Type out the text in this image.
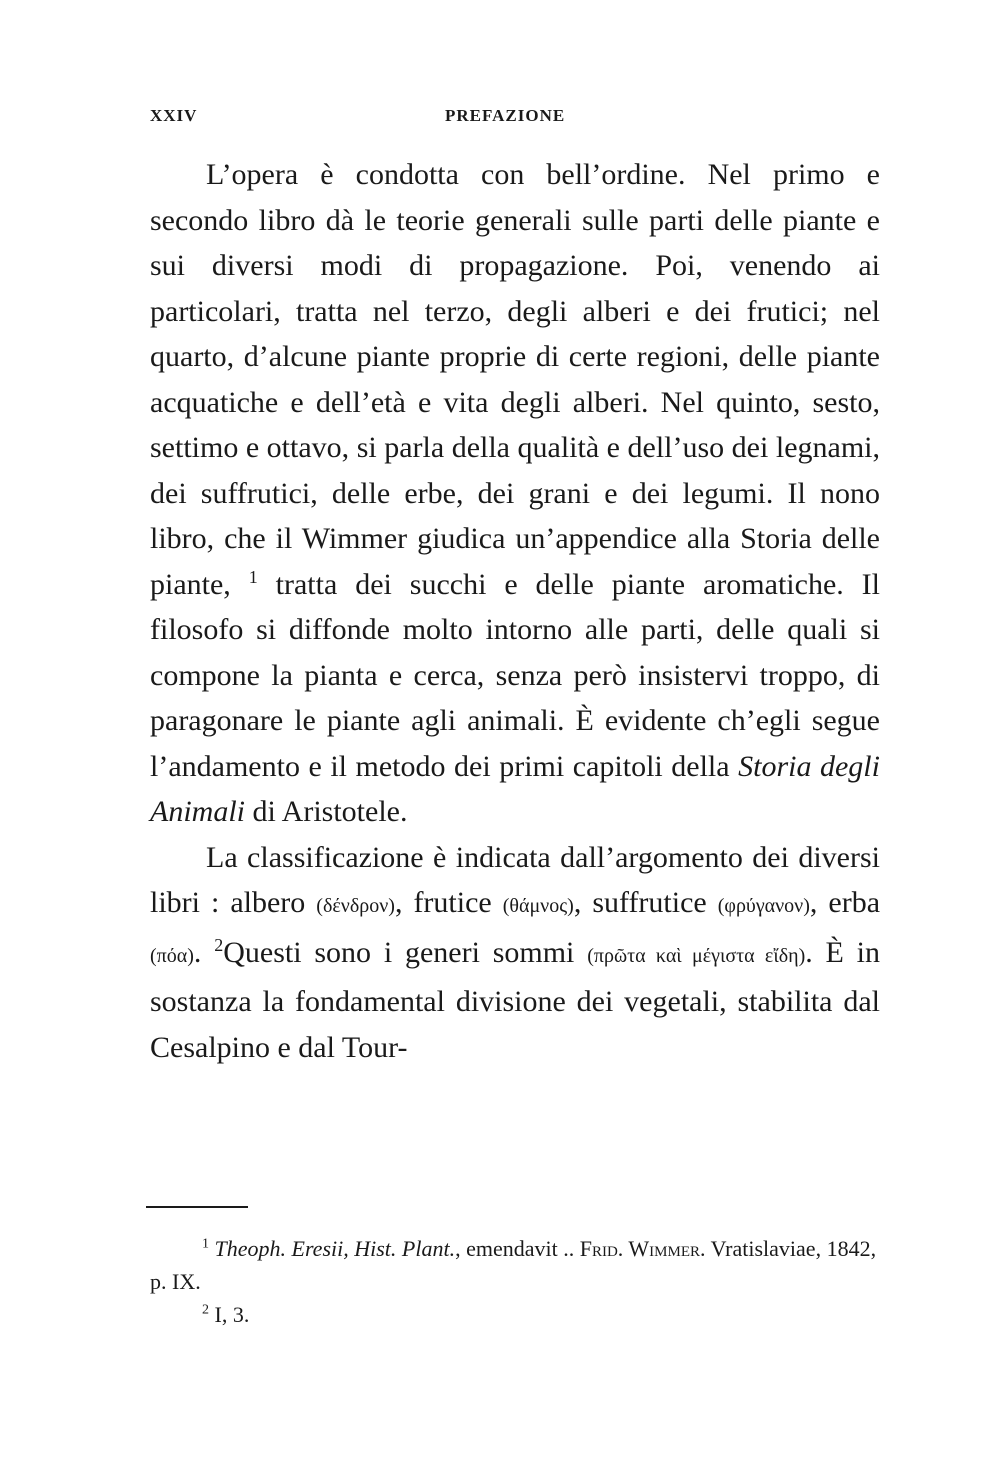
XXIV	PREFAZIONE

L’opera è condotta con bell’ordine. Nel primo e secondo libro dà le teorie generali sulle parti delle piante e sui diversi modi di propagazione. Poi, venendo ai particolari, tratta nel terzo, degli alberi e dei frutici; nel quarto, d’alcune piante proprie di certe regioni, delle piante acquatiche e dell’età e vita degli alberi. Nel quinto, sesto, settimo e ottavo, si parla della qualità e dell’uso dei legnami, dei suffrutici, delle erbe, dei grani e dei legumi. Il nono libro, che il Wimmer giudica un’appendice alla Storia delle piante, $^1$ tratta dei succhi e delle piante aromatiche. Il filosofo si diffonde molto intorno alle parti, delle quali si compone la pianta e cerca, senza però insistervi troppo, di paragonare le piante agli animali. È evidente ch’egli segue l’andamento e il metodo dei primi capitoli della Storia degli Animali di Aristotele.

La classificazione è indicata dall’argomento dei diversi libri : albero (δένδρον), frutice (θάμνος), suffrutice (φρύγανον), erba (πόα). $^2$Questi sono i generi sommi (πρῶτα καὶ μέγιστα εἴδη). È in sostanza la fondamental divisione dei vegetali, stabilita dal Cesalpino e dal Tour-

$^1$ Theoph. Eresii, Hist. Plant., emendavit .. Frid. Wimmer. Vratislaviae, 1842, p. IX.

$^2$ I, 3.
